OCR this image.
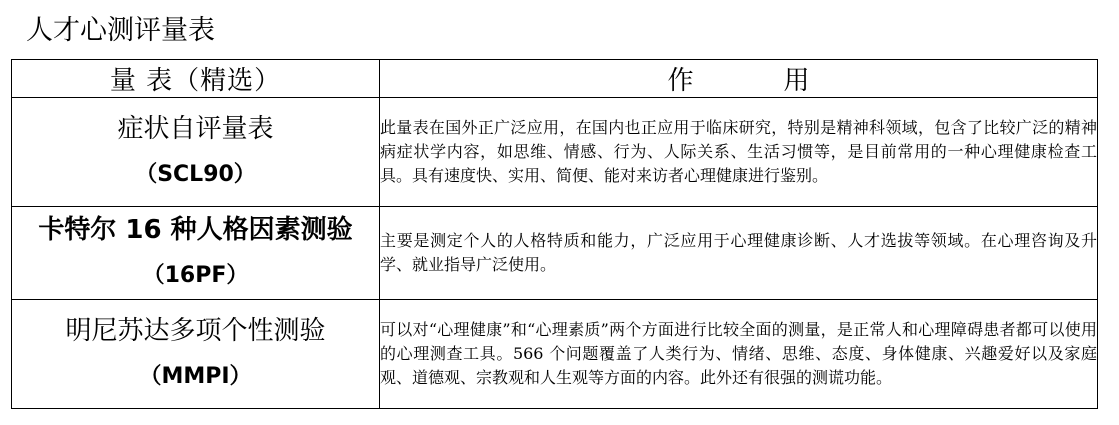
人才心测评量表
量 表（精选）	作 用

症状自评量表
（SCL90）	此量表在国外正广泛应用，在国内也正应用于临床研究，特别是精神科领域，包含了比较广泛的精神病症状学内容，如思维、情感、行为、人际关系、生活习惯等，是目前常用的一种心理健康检查工具。具有速度快、实用、简便、能对来访者心理健康进行鉴别。

卡特尔 16 种人格因素测验
（16PF）	主要是测定个人的人格特质和能力，广泛应用于心理健康诊断、人才选拔等领域。在心理咨询及升学、就业指导广泛使用。

明尼苏达多项个性测验
（MMPI）	可以对“心理健康”和“心理素质”两个方面进行比较全面的测量，是正常人和心理障碍患者都可以使用的心理测查工具。566 个问题覆盖了人类行为、情绪、思维、态度、身体健康、兴趣爱好以及家庭观、道德观、宗教观和人生观等方面的内容。此外还有很强的测谎功能。
